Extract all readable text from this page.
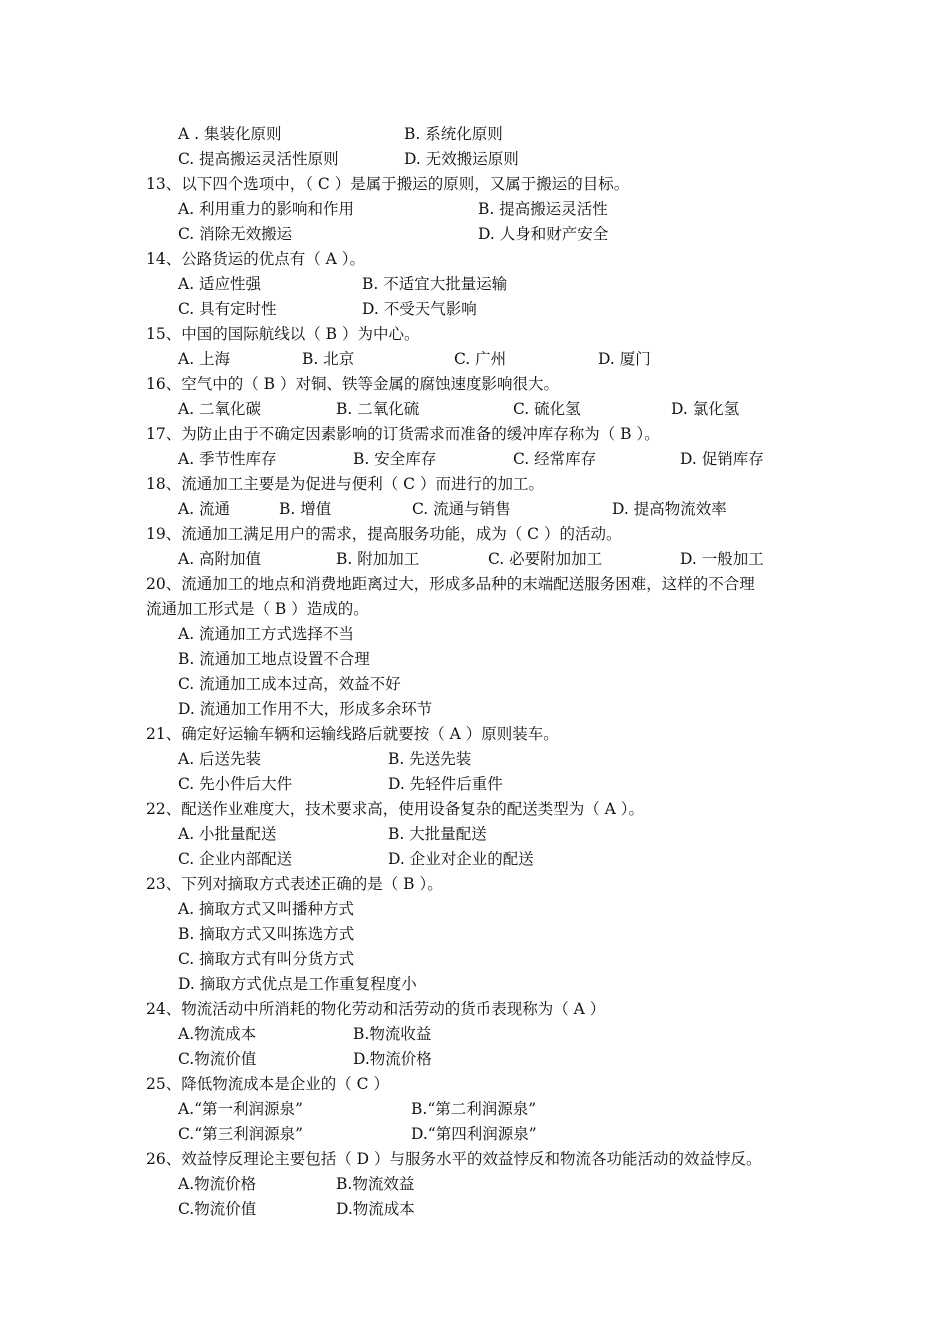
A . 集装化原则	B. 系统化原则
C. 提高搬运灵活性原则	D. 无效搬运原则
13、以下四个选项中，（ C ）是属于搬运的原则，又属于搬运的目标。
A. 利用重力的影响和作用	B. 提高搬运灵活性
C. 消除无效搬运	D. 人身和财产安全
14、公路货运的优点有（ A ）。
A. 适应性强	B. 不适宜大批量运输
C. 具有定时性	D. 不受天气影响
15、中国的国际航线以（ B ）为中心。
A. 上海	B. 北京	C. 广州	D. 厦门
16、空气中的（ B ）对铜、铁等金属的腐蚀速度影响很大。
A. 二氧化碳	B. 二氧化硫	C. 硫化氢	D. 氯化氢
17、为防止由于不确定因素影响的订货需求而准备的缓冲库存称为（ B ）。
A. 季节性库存	B. 安全库存	C. 经常库存	D. 促销库存
18、流通加工主要是为促进与便利（ C ）而进行的加工。
A. 流通	B. 增值	C. 流通与销售	D. 提高物流效率
19、流通加工满足用户的需求，提高服务功能，成为（ C ）的活动。
A. 高附加值	B. 附加加工	C. 必要附加加工	D. 一般加工
20、流通加工的地点和消费地距离过大，形成多品种的末端配送服务困难，这样的不合理
流通加工形式是（ B ）造成的。
A. 流通加工方式选择不当
B. 流通加工地点设置不合理
C. 流通加工成本过高，效益不好
D. 流通加工作用不大，形成多余环节
21、确定好运输车辆和运输线路后就要按（ A ）原则装车。
A. 后送先装	B. 先送先装
C. 先小件后大件	D. 先轻件后重件
22、配送作业难度大，技术要求高，使用设备复杂的配送类型为（ A ）。
A. 小批量配送	B. 大批量配送
C. 企业内部配送	D. 企业对企业的配送
23、下列对摘取方式表述正确的是（ B ）。
A. 摘取方式又叫播种方式
B. 摘取方式又叫拣选方式
C. 摘取方式有叫分货方式
D. 摘取方式优点是工作重复程度小
24、物流活动中所消耗的物化劳动和活劳动的货币表现称为（ A ）
A.物流成本	B.物流收益
C.物流价值	D.物流价格
25、降低物流成本是企业的（ C ）
A.“第一利润源泉”	B.“第二利润源泉”
C.“第三利润源泉”	D.“第四利润源泉”
26、效益悖反理论主要包括（ D ）与服务水平的效益悖反和物流各功能活动的效益悖反。
A.物流价格	B.物流效益
C.物流价值	D.物流成本
